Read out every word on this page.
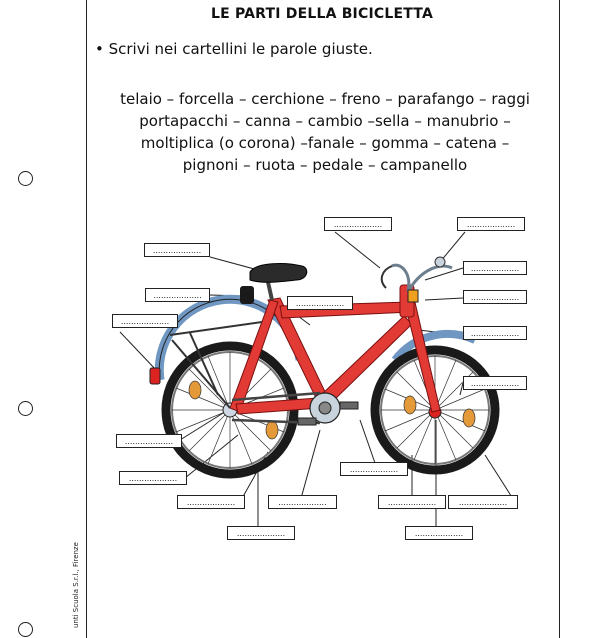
LE PARTI DELLA BICICLETTA
• Scrivi nei cartellini le parole giuste.
telaio – forcella – cerchione – freno – parafango – raggi
portapacchi – canna – cambio –sella – manubrio –
moltiplica (o corona) –fanale – gomma – catena –
pignoni – ruota – pedale – campanello
unti Scuola S.r.l., Firenze
...................	...................
...................
...................
...................	...................
...................
...................
...................
...................
...................
...................
...................
...................	...................	...................	...................
...................	...................
